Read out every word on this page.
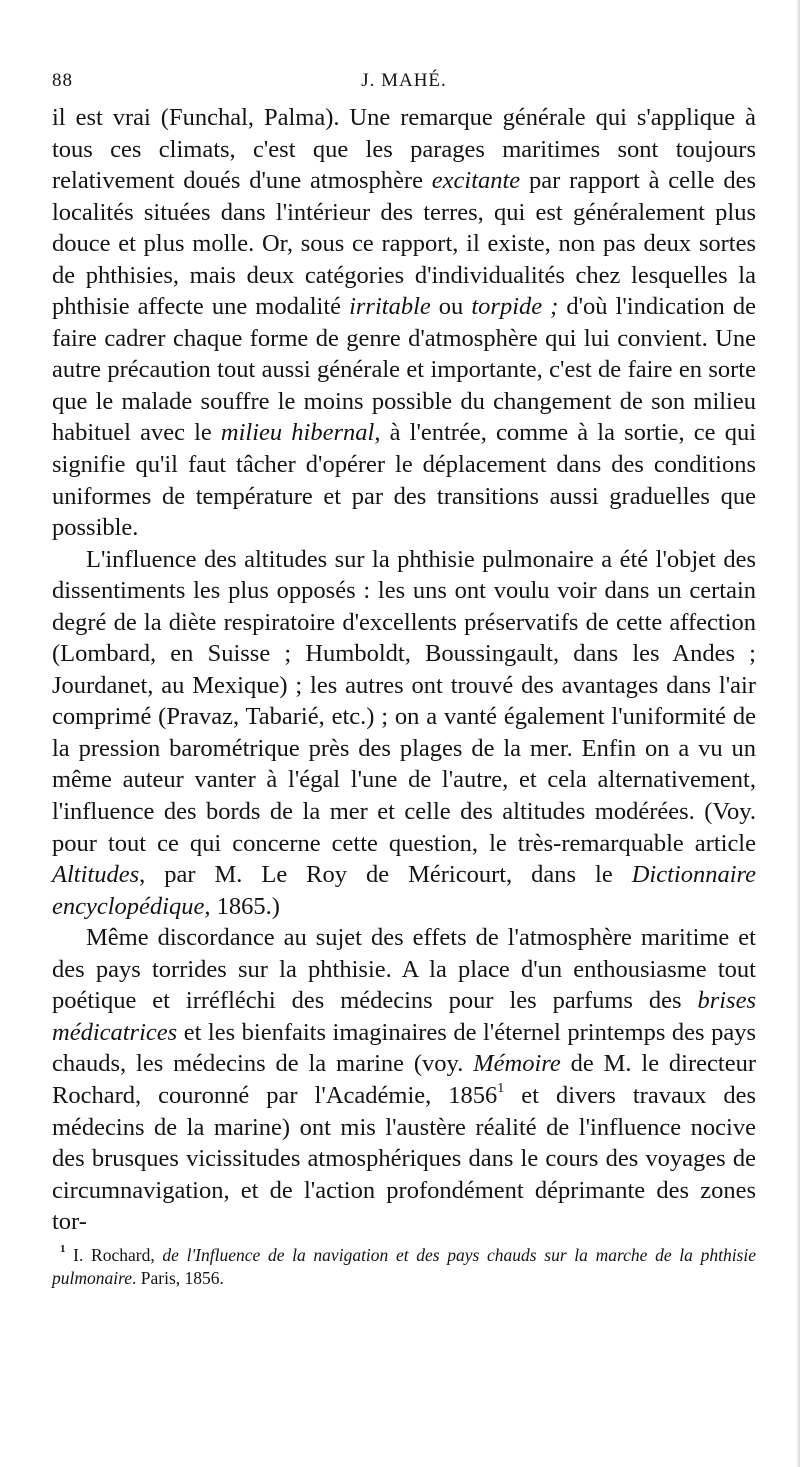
88	J. MAHÉ.

il est vrai (Funchal, Palma). Une remarque générale qui s'applique à tous ces climats, c'est que les parages maritimes sont toujours relativement doués d'une atmosphère excitante par rapport à celle des localités situées dans l'intérieur des terres, qui est généralement plus douce et plus molle. Or, sous ce rapport, il existe, non pas deux sortes de phthisies, mais deux catégories d'individualités chez lesquelles la phthisie affecte une modalité irritable ou torpide ; d'où l'indication de faire cadrer chaque forme de genre d'atmosphère qui lui convient. Une autre précaution tout aussi générale et importante, c'est de faire en sorte que le malade souffre le moins possible du changement de son milieu habituel avec le milieu hibernal, à l'entrée, comme à la sortie, ce qui signifie qu'il faut tâcher d'opérer le déplacement dans des conditions uniformes de température et par des transitions aussi graduelles que possible.

L'influence des altitudes sur la phthisie pulmonaire a été l'objet des dissentiments les plus opposés : les uns ont voulu voir dans un certain degré de la diète respiratoire d'excellents préservatifs de cette affection (Lombard, en Suisse ; Humboldt, Boussingault, dans les Andes ; Jourdanet, au Mexique) ; les autres ont trouvé des avantages dans l'air comprimé (Pravaz, Tabarié, etc.) ; on a vanté également l'uniformité de la pression barométrique près des plages de la mer. Enfin on a vu un même auteur vanter à l'égal l'une de l'autre, et cela alternativement, l'influence des bords de la mer et celle des altitudes modérées. (Voy. pour tout ce qui concerne cette question, le très-remarquable article Altitudes, par M. Le Roy de Méricourt, dans le Dictionnaire encyclopédique, 1865.)

Même discordance au sujet des effets de l'atmosphère maritime et des pays torrides sur la phthisie. A la place d'un enthousiasme tout poétique et irréfléchi des médecins pour les parfums des brises médicatrices et les bienfaits imaginaires de l'éternel printemps des pays chauds, les médecins de la marine (voy. Mémoire de M. le directeur Rochard, couronné par l'Académie, 1856$^1$ et divers travaux des médecins de la marine) ont mis l'austère réalité de l'influence nocive des brusques vicissitudes atmosphériques dans le cours des voyages de circumnavigation, et de l'action profondément déprimante des zones tor-

$^1$ I. Rochard, de l'Influence de la navigation et des pays chauds sur la marche de la phthisie pulmonaire. Paris, 1856.
